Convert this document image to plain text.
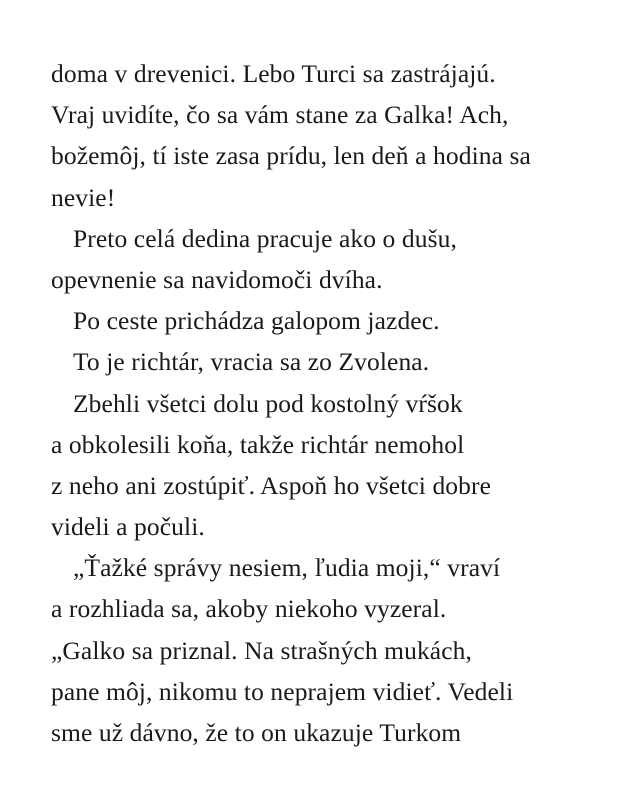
doma v drevenici. Lebo Turci sa zastrájajú.
Vraj uvidíte, čo sa vám stane za Galka! Ach,
božemôj, tí iste zasa prídu, len deň a hodina sa
nevie!
Preto celá dedina pracuje ako o dušu,
opevnenie sa navidomoči dvíha.
Po ceste prichádza galopom jazdec.
To je richtár, vracia sa zo Zvolena.
Zbehli všetci dolu pod kostolný vŕšok
a obkolesili koňa, takže richtár nemohol
z neho ani zostúpiť. Aspoň ho všetci dobre
videli a počuli.
„Ťažké správy nesiem, ľudia moji,“ vraví
a rozhliada sa, akoby niekoho vyzeral.
„Galko sa priznal. Na strašných mukách,
pane môj, nikomu to neprajem vidieť. Vedeli
sme už dávno, že to on ukazuje Turkom
